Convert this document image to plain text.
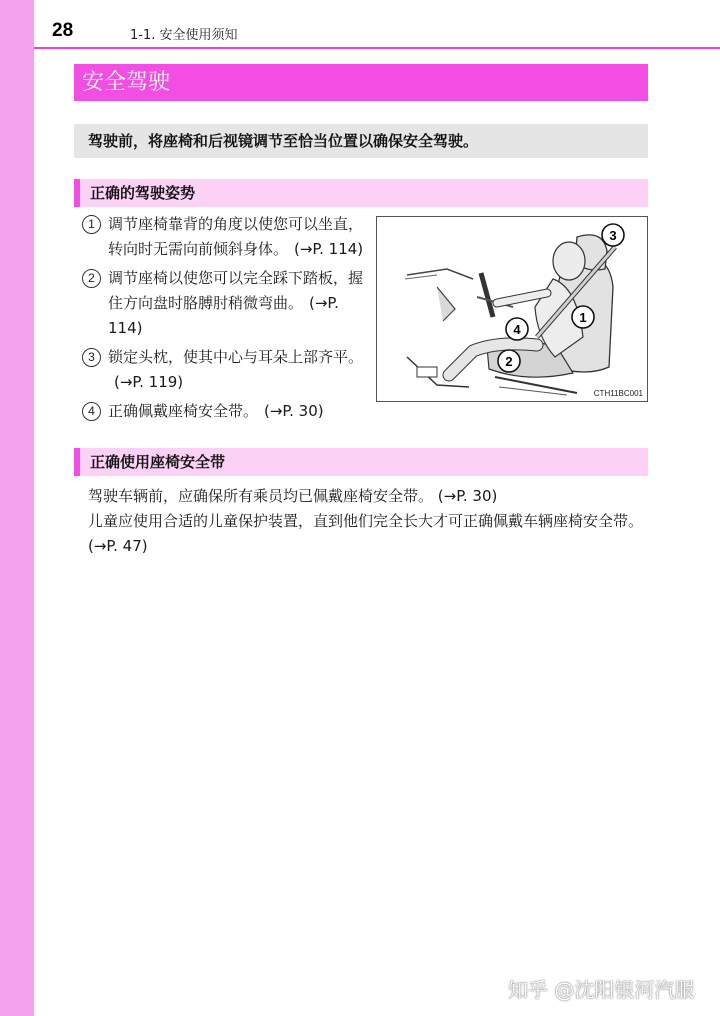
28	1-1. 安全使用须知
安全驾驶
驾驶前，将座椅和后视镜调节至恰当位置以确保安全驾驶。
正确的驾驶姿势
1 调节座椅靠背的角度以使您可以坐直，转向时无需向前倾斜身体。 (→P. 114)
2 调节座椅以使您可以完全踩下踏板，握住方向盘时胳膊肘稍微弯曲。 (→P. 114)
3 锁定头枕，使其中心与耳朵上部齐平。(→P. 119)
4 正确佩戴座椅安全带。 (→P. 30)
1
2
3
4
CTH11BC001
正确使用座椅安全带

驾驶车辆前，应确保所有乘员均已佩戴座椅安全带。 (→P. 30)

儿童应使用合适的儿童保护装置，直到他们完全长大才可正确佩戴车辆座椅安全带。(→P. 47)

知乎 @沈阳银河汽服
